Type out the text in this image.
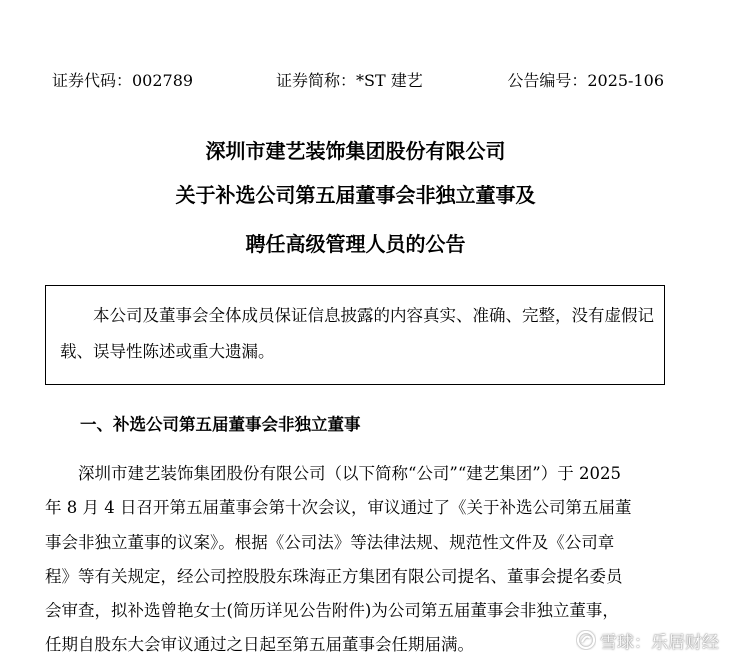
证券代码：002789	证券简称：*ST 建艺	公告编号：2025-106
深圳市建艺装饰集团股份有限公司
关于补选公司第五届董事会非独立董事及
聘任高级管理人员的公告
本公司及董事会全体成员保证信息披露的内容真实、准确、完整，没有虚假记载、误导性陈述或重大遗漏。
一、补选公司第五届董事会非独立董事
深圳市建艺装饰集团股份有限公司（以下简称“公司”“建艺集团”）于 2025
年 8 月 4 日召开第五届董事会第十次会议，审议通过了《关于补选公司第五届董
事会非独立董事的议案》。根据《公司法》等法律法规、规范性文件及《公司章
程》等有关规定，经公司控股股东珠海正方集团有限公司提名、董事会提名委员
会审查，拟补选曾艳女士(简历详见公告附件)为公司第五届董事会非独立董事，
任期自股东大会审议通过之日起至第五届董事会任期届满。	雪球：乐居财经
